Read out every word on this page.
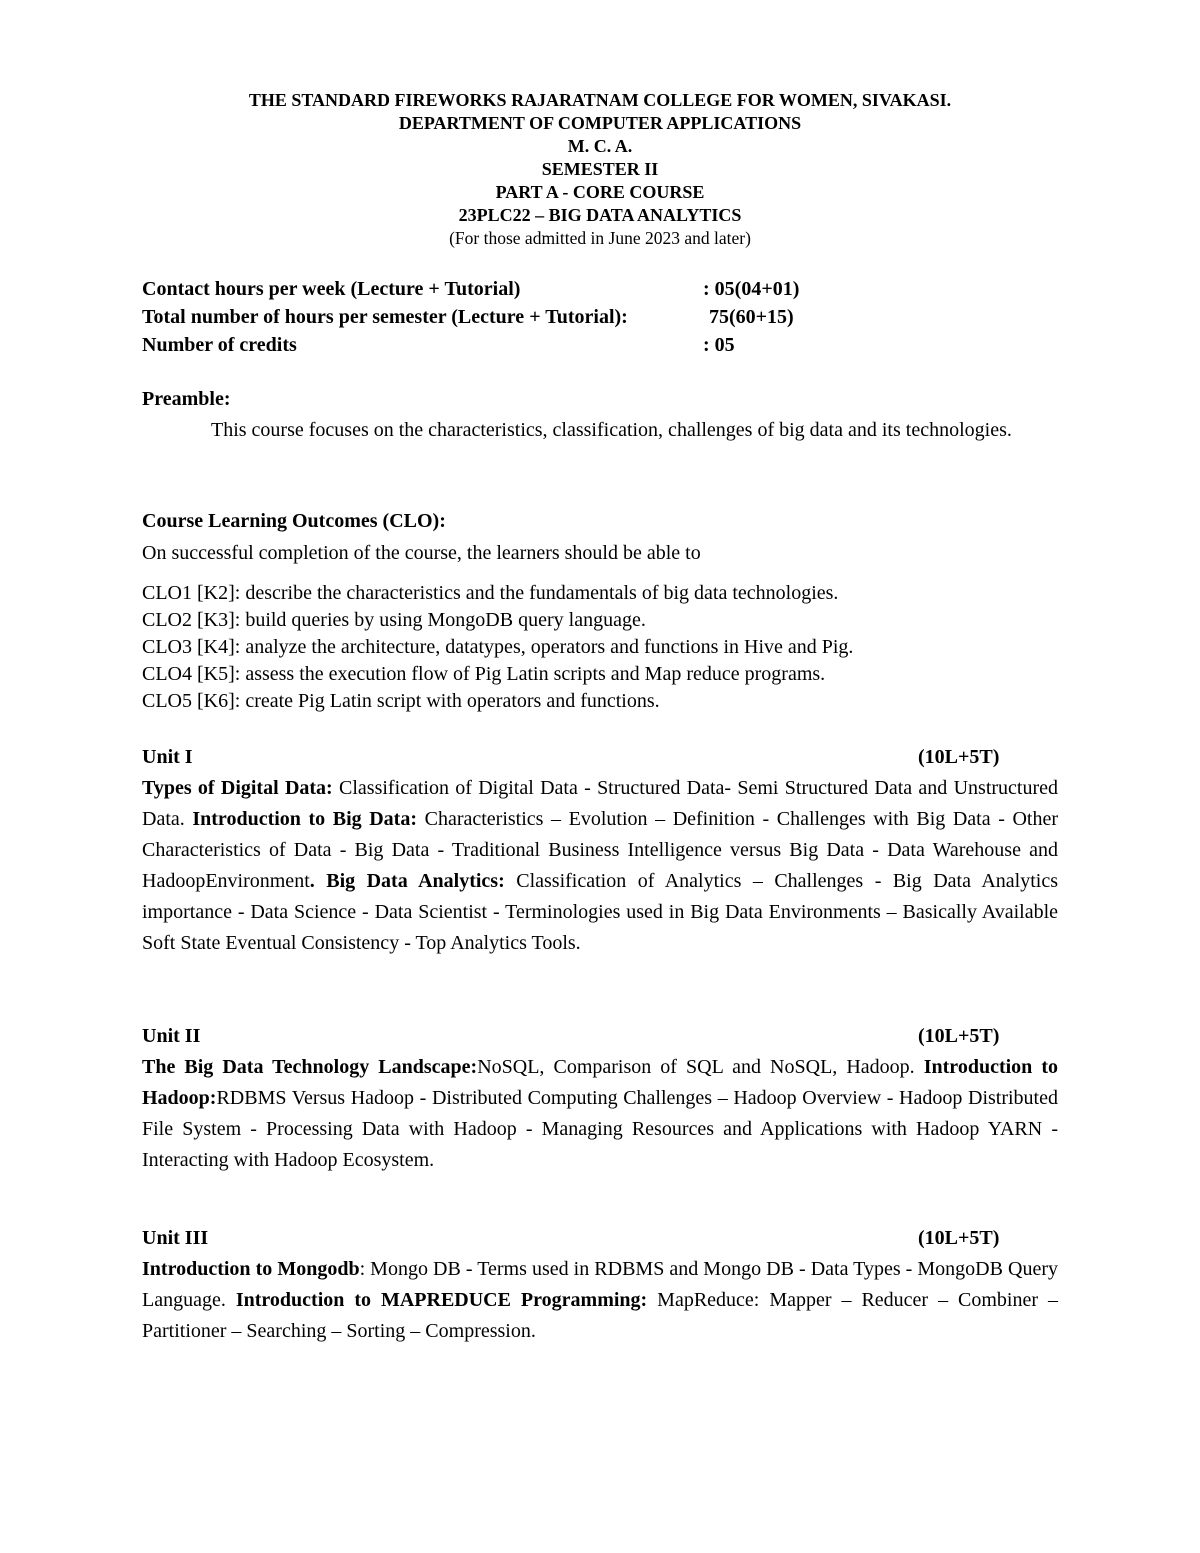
THE STANDARD FIREWORKS RAJARATNAM COLLEGE FOR WOMEN, SIVAKASI.
DEPARTMENT OF COMPUTER APPLICATIONS
M. C. A.
SEMESTER II
PART A - CORE COURSE
23PLC22 – BIG DATA ANALYTICS
(For those admitted in June 2023 and later)
Contact hours per week (Lecture + Tutorial)	: 05(04+01)
Total number of hours per semester (Lecture + Tutorial):	75(60+15)
Number of credits	: 05
Preamble:
This course focuses on the characteristics, classification, challenges of big data and its technologies.
Course Learning Outcomes (CLO):
On successful completion of the course, the learners should be able to
CLO1 [K2]: describe the characteristics and the fundamentals of big data technologies.
CLO2 [K3]: build queries by using MongoDB query language.
CLO3 [K4]: analyze the architecture, datatypes, operators and functions in Hive and Pig.
CLO4 [K5]: assess the execution flow of Pig Latin scripts and Map reduce programs.
CLO5 [K6]: create Pig Latin script with operators and functions.
Unit I	(10L+5T)
Types of Digital Data: Classification of Digital Data - Structured Data- Semi Structured Data and Unstructured Data. Introduction to Big Data: Characteristics – Evolution – Definition - Challenges with Big Data - Other Characteristics of Data - Big Data - Traditional Business Intelligence versus Big Data - Data Warehouse and HadoopEnvironment. Big Data Analytics: Classification of Analytics – Challenges - Big Data Analytics importance - Data Science - Data Scientist - Terminologies used in Big Data Environments – Basically Available Soft State Eventual Consistency - Top Analytics Tools.
Unit II	(10L+5T)
The Big Data Technology Landscape:NoSQL, Comparison of SQL and NoSQL, Hadoop. Introduction to Hadoop:RDBMS Versus Hadoop - Distributed Computing Challenges – Hadoop Overview - Hadoop Distributed File System - Processing Data with Hadoop - Managing Resources and Applications with Hadoop YARN - Interacting with Hadoop Ecosystem.
Unit III	(10L+5T)
Introduction to Mongodb: Mongo DB - Terms used in RDBMS and Mongo DB - Data Types - MongoDB Query Language. Introduction to MAPREDUCE Programming: MapReduce: Mapper – Reducer – Combiner – Partitioner – Searching – Sorting – Compression.
